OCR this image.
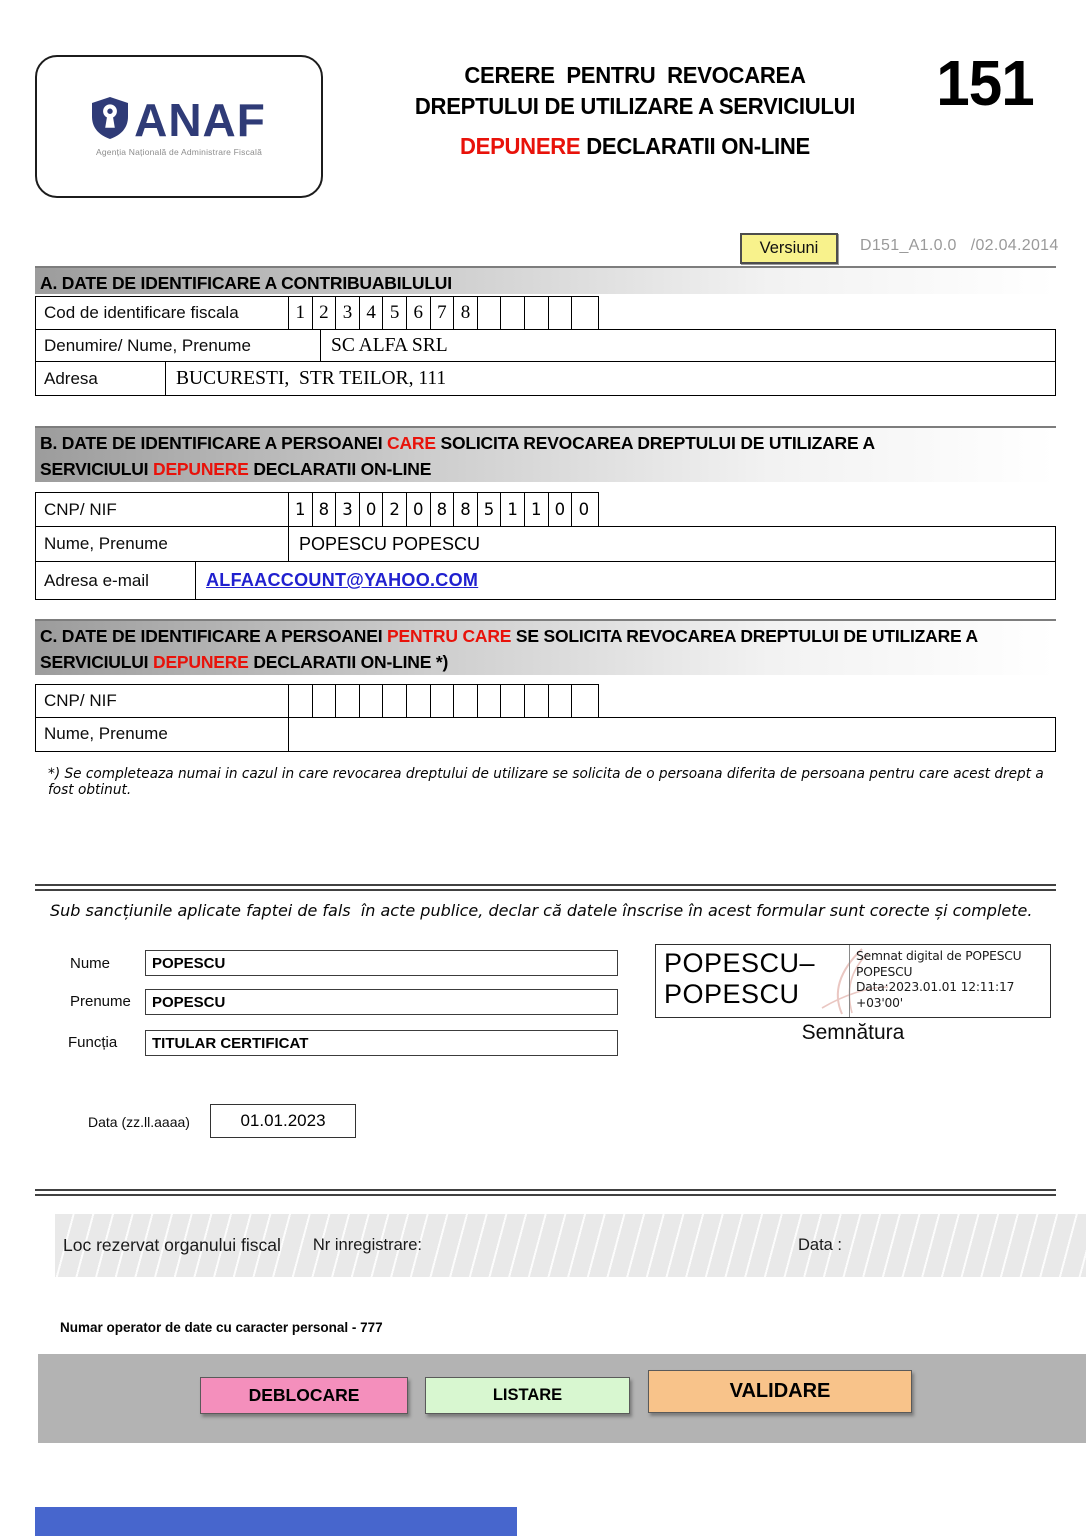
ANAF
Agenția Națională de Administrare Fiscală
CERERE  PENTRU  REVOCAREA
DREPTULUI DE UTILIZARE A SERVICIULUI
DEPUNERE DECLARATII ON-LINE
151
Versiuni	D151_A1.0.0 /02.04.2014
A. DATE DE IDENTIFICARE A CONTRIBUABILULUI
Cod de identificare fiscala	1 2 3 4 5 6 7 8
Denumire/ Nume, Prenume	SC ALFA SRL
Adresa	BUCURESTI,  STR TEILOR, 111
B. DATE DE IDENTIFICARE A PERSOANEI CARE SOLICITA REVOCAREA DREPTULUI DE UTILIZARE A
SERVICIULUI DEPUNERE DECLARATII ON-LINE
CNP/ NIF	1 8 3 0 2 0 8 8 5 1 1 0 0
Nume, Prenume	POPESCU POPESCU
Adresa e-mail	ALFAACCOUNT@YAHOO.COM
C. DATE DE IDENTIFICARE A PERSOANEI PENTRU CARE SE SOLICITA REVOCAREA DREPTULUI DE UTILIZARE A
SERVICIULUI DEPUNERE DECLARATII ON-LINE *)
CNP/ NIF
Nume, Prenume
*) Se completeaza numai in cazul in care revocarea dreptului de utilizare se solicita de o persoana diferita de persoana pentru care acest drept a fost obtinut.
Sub sancțiunile aplicate faptei de fals  în acte publice, declar că datele înscrise în acest formular sunt corecte și complete.
Nume	POPESCU
Prenume	POPESCU
Funcția	TITULAR CERTIFICAT
POPESCU–
POPESCU
Semnat digital de POPESCU
POPESCU
Data:2023.01.01 12:11:17
+03'00'
Semnătura
Data (zz.ll.aaaa)	01.01.2023
Loc rezervat organului fiscal Nr inregistrare:	Data :
Numar operator de date cu caracter personal - 777
DEBLOCARE	LISTARE	VALIDARE
